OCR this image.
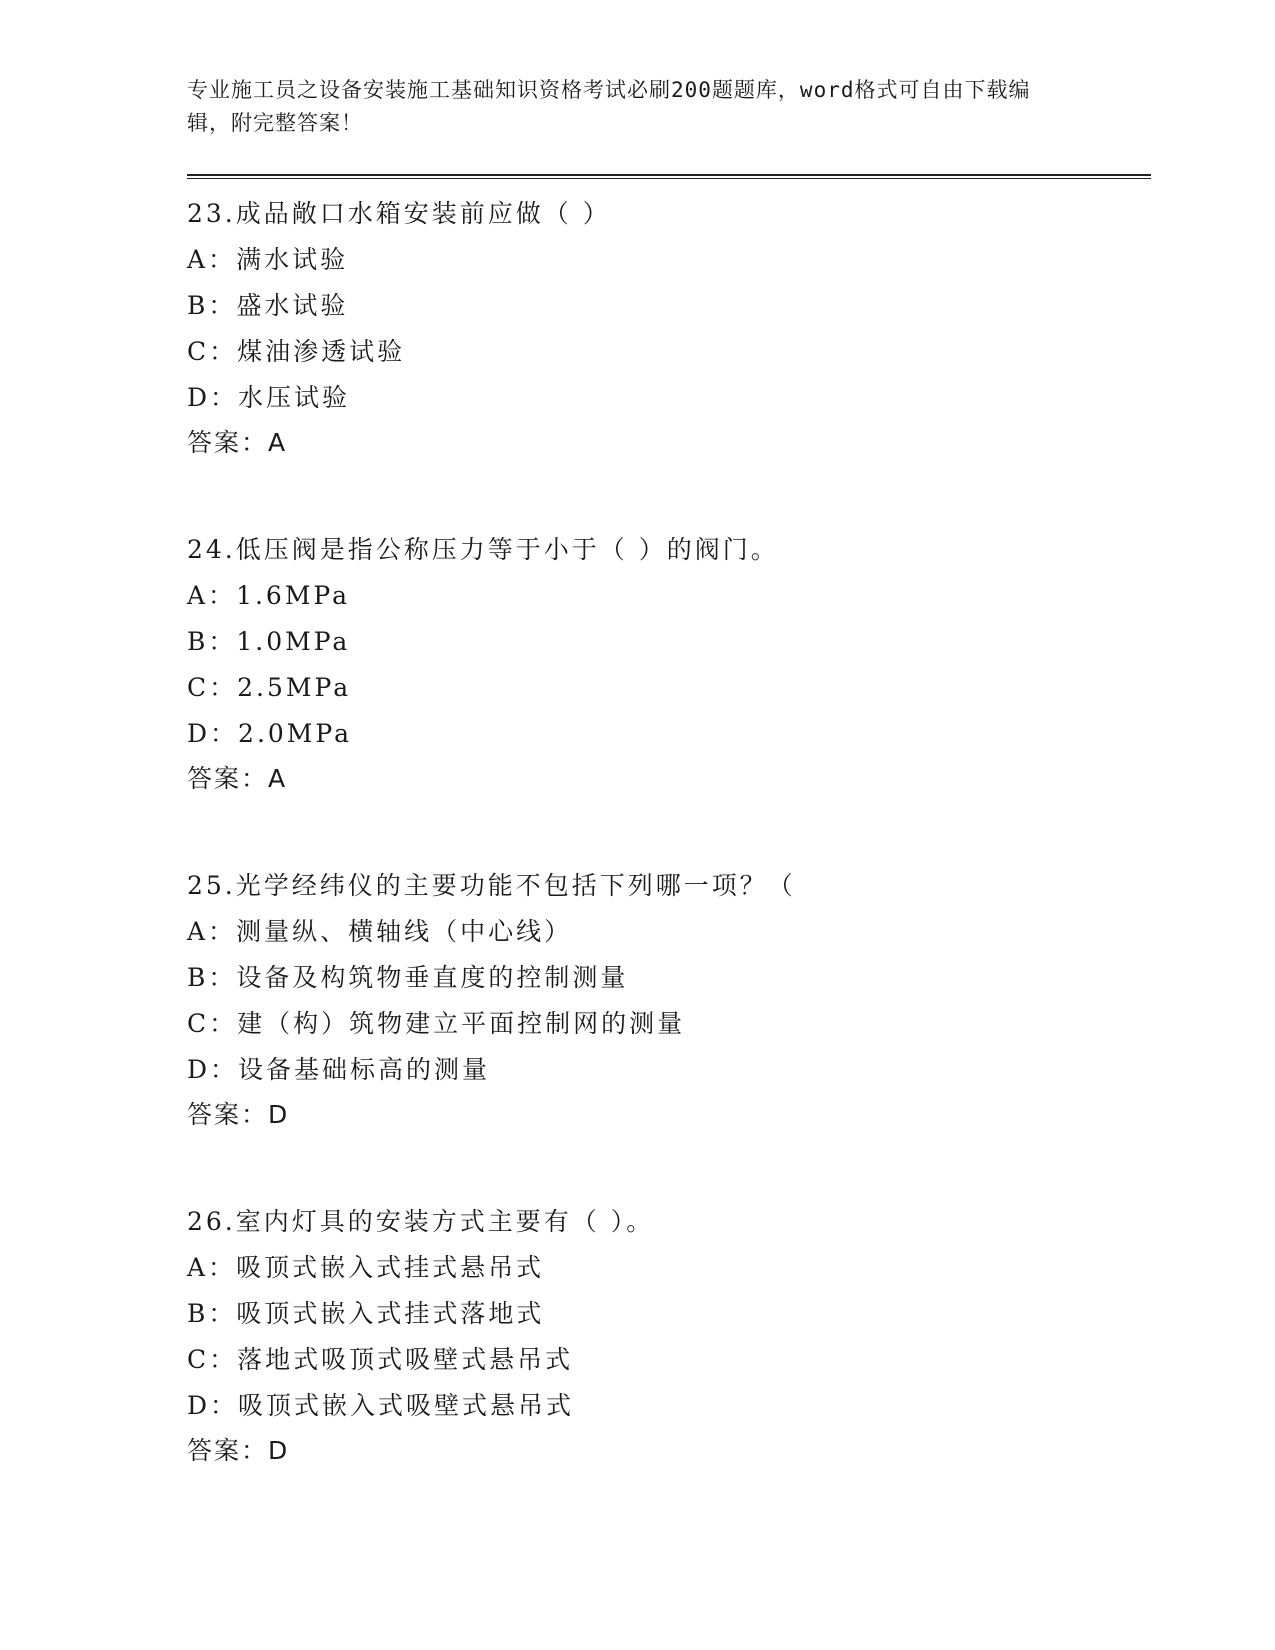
专业施工员之设备安装施工基础知识资格考试必刷200题题库，word格式可自由下载编辑，附完整答案！

23.成品敞口水箱安装前应做（ ）
A：满水试验
B：盛水试验
C：煤油渗透试验
D：水压试验
答案：A
24.低压阀是指公称压力等于小于（ ）的阀门。
A：1.6MPa
B：1.0MPa
C：2.5MPa
D：2.0MPa
答案：A
25.光学经纬仪的主要功能不包括下列哪一项？（
A：测量纵、横轴线（中心线）
B：设备及构筑物垂直度的控制测量
C：建（构）筑物建立平面控制网的测量
D：设备基础标高的测量
答案：D
26.室内灯具的安装方式主要有（ ）。
A：吸顶式嵌入式挂式悬吊式
B：吸顶式嵌入式挂式落地式
C：落地式吸顶式吸壁式悬吊式
D：吸顶式嵌入式吸壁式悬吊式
答案：D
